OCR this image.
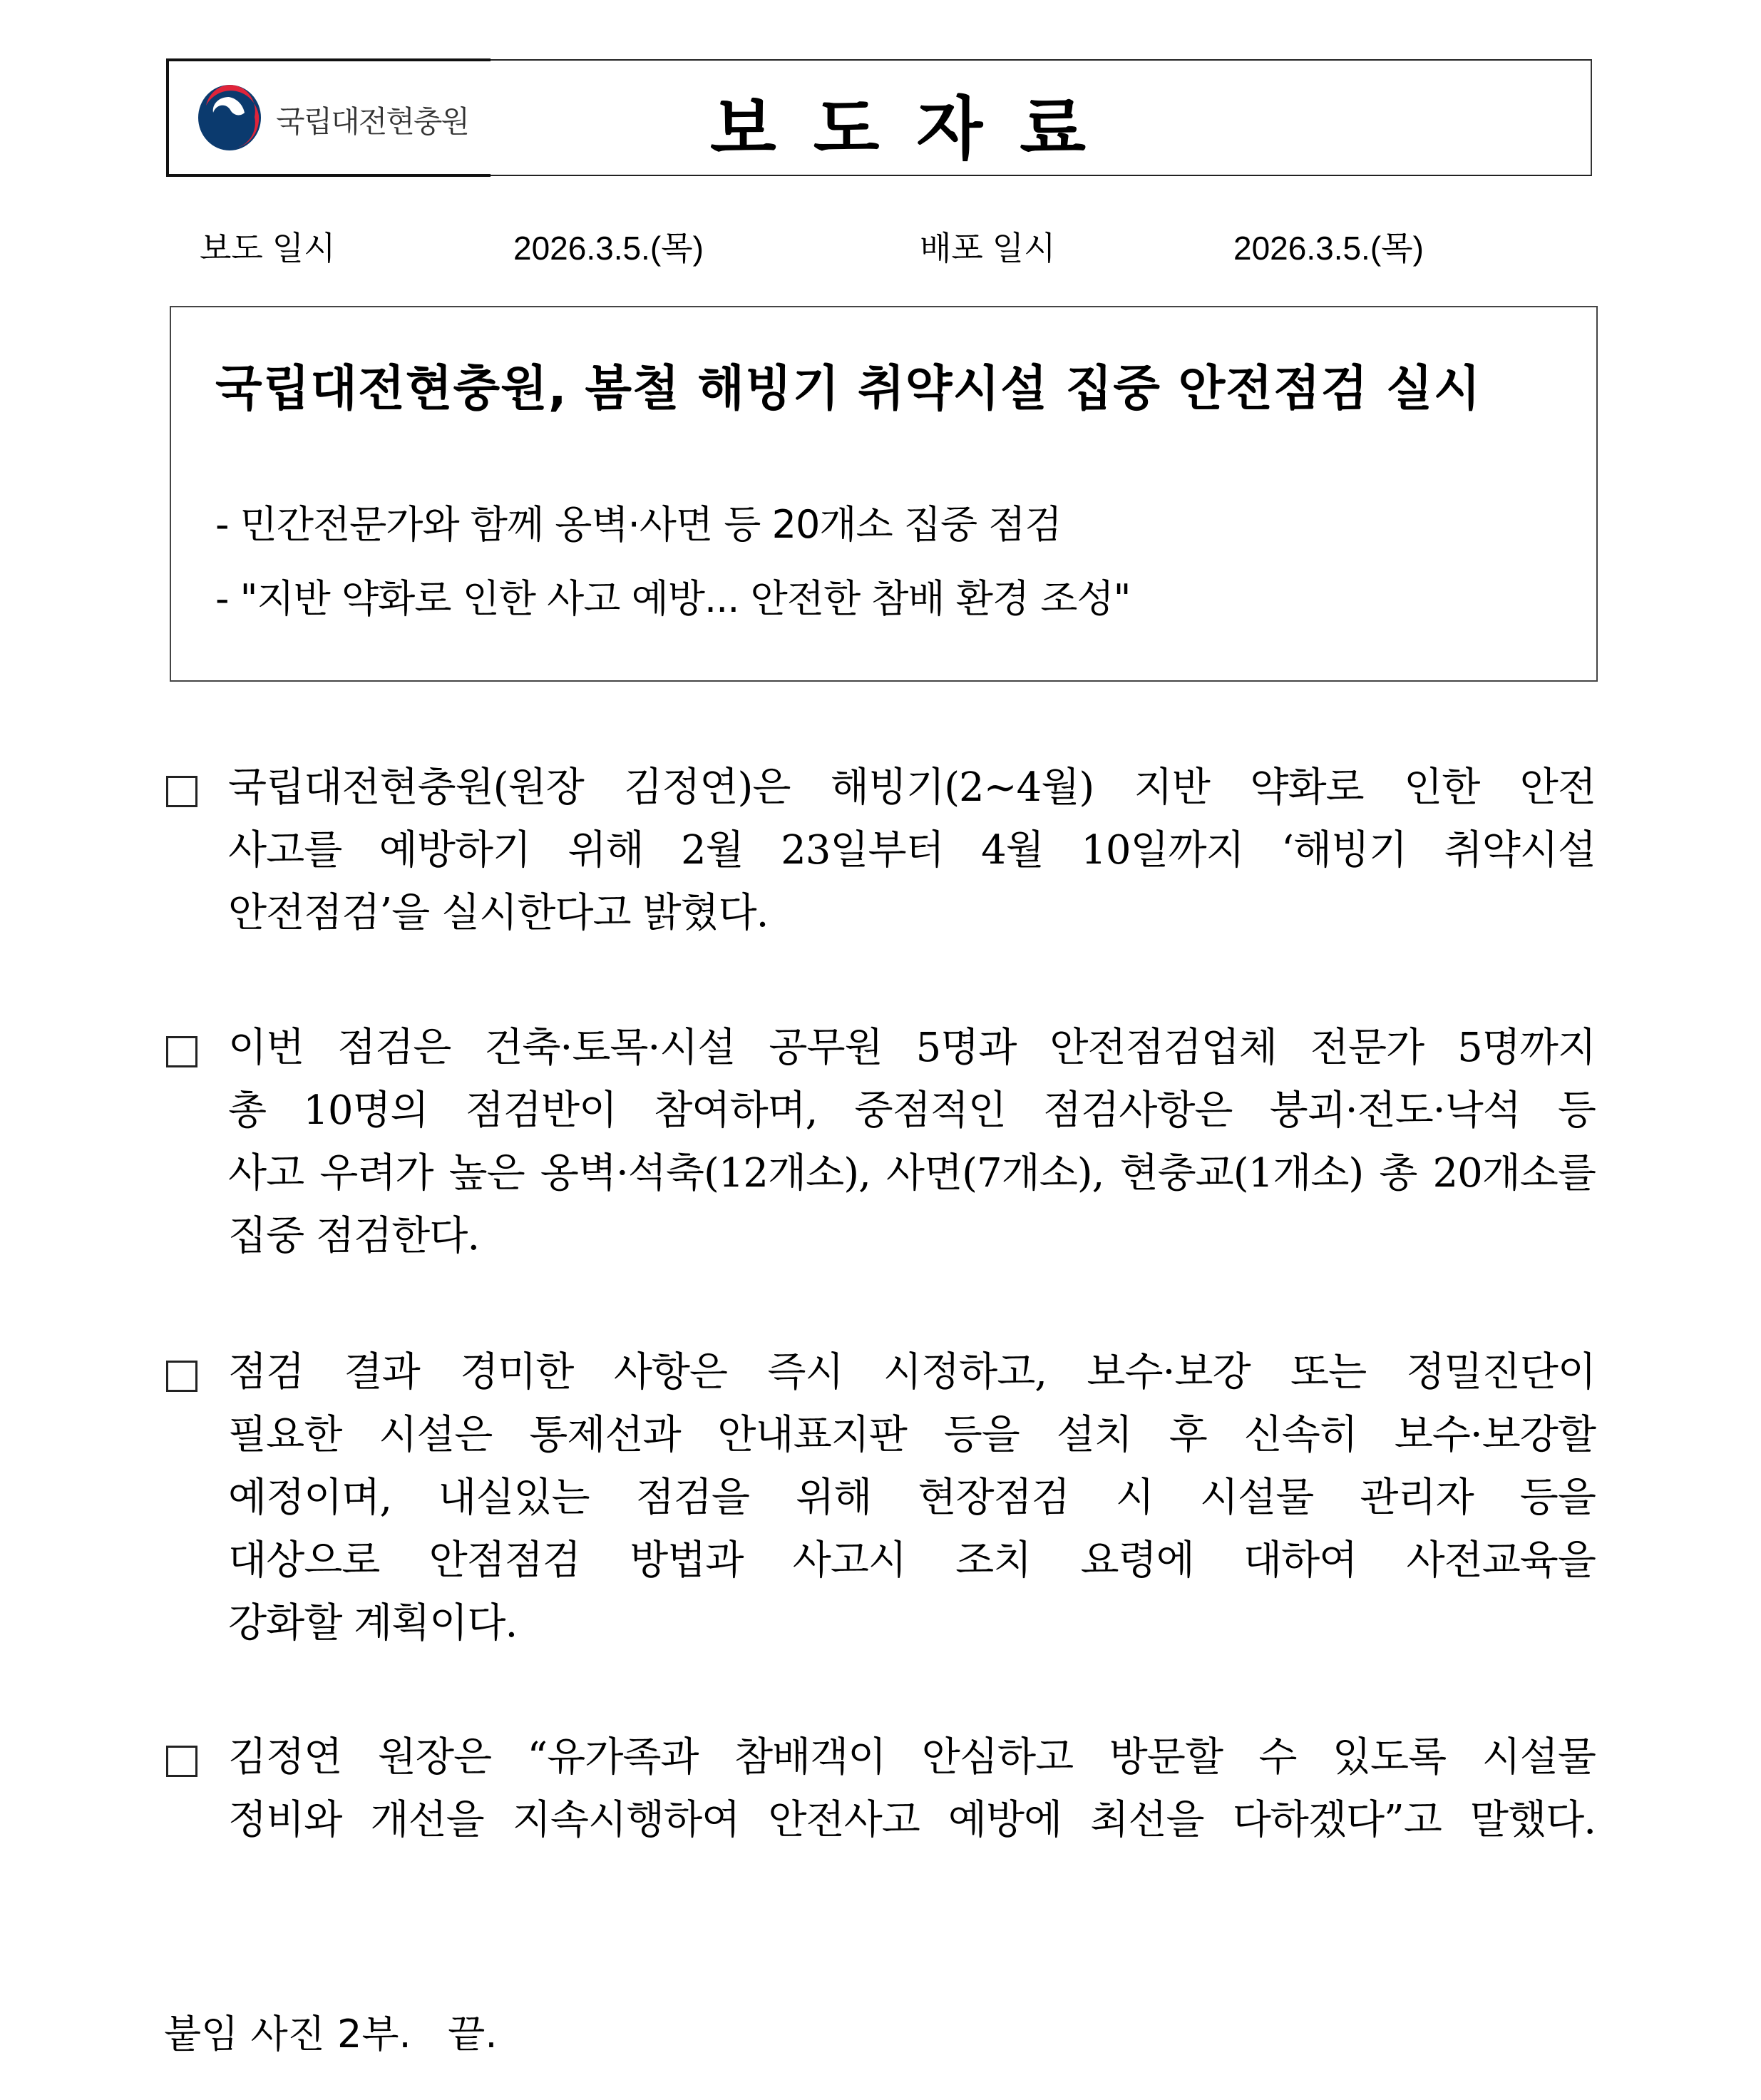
국립대전현충원	보도자료
보도 일시	2026.3.5.(목)	배포 일시	2026.3.5.(목)
국립대전현충원, 봄철 해빙기 취약시설 집중 안전점검 실시
- 민간전문가와 함께 옹벽·사면 등 20개소 집중 점검
- "지반 약화로 인한 사고 예방... 안전한 참배 환경 조성"
국립대전현충원(원장 김정연)은 해빙기(2~4월) 지반 약화로 인한 안전
사고를 예방하기 위해 2월 23일부터 4월 10일까지 ‘해빙기 취약시설
안전점검’을 실시한다고 밝혔다.
이번 점검은 건축·토목·시설 공무원 5명과 안전점검업체 전문가 5명까지
총 10명의 점검반이 참여하며, 중점적인 점검사항은 붕괴·전도·낙석 등
사고 우려가 높은 옹벽·석축(12개소), 사면(7개소), 현충교(1개소) 총 20개소를
집중 점검한다.
점검 결과 경미한 사항은 즉시 시정하고, 보수·보강 또는 정밀진단이
필요한 시설은 통제선과 안내표지판 등을 설치 후 신속히 보수·보강할
예정이며, 내실있는 점검을 위해 현장점검 시 시설물 관리자 등을
대상으로 안점점검 방법과 사고시 조치 요령에 대하여 사전교육을
강화할 계획이다.
김정연 원장은 “유가족과 참배객이 안심하고 방문할 수 있도록 시설물
정비와 개선을 지속시행하여 안전사고 예방에 최선을 다하겠다”고 말했다.
붙임 사진 2부.   끝.
